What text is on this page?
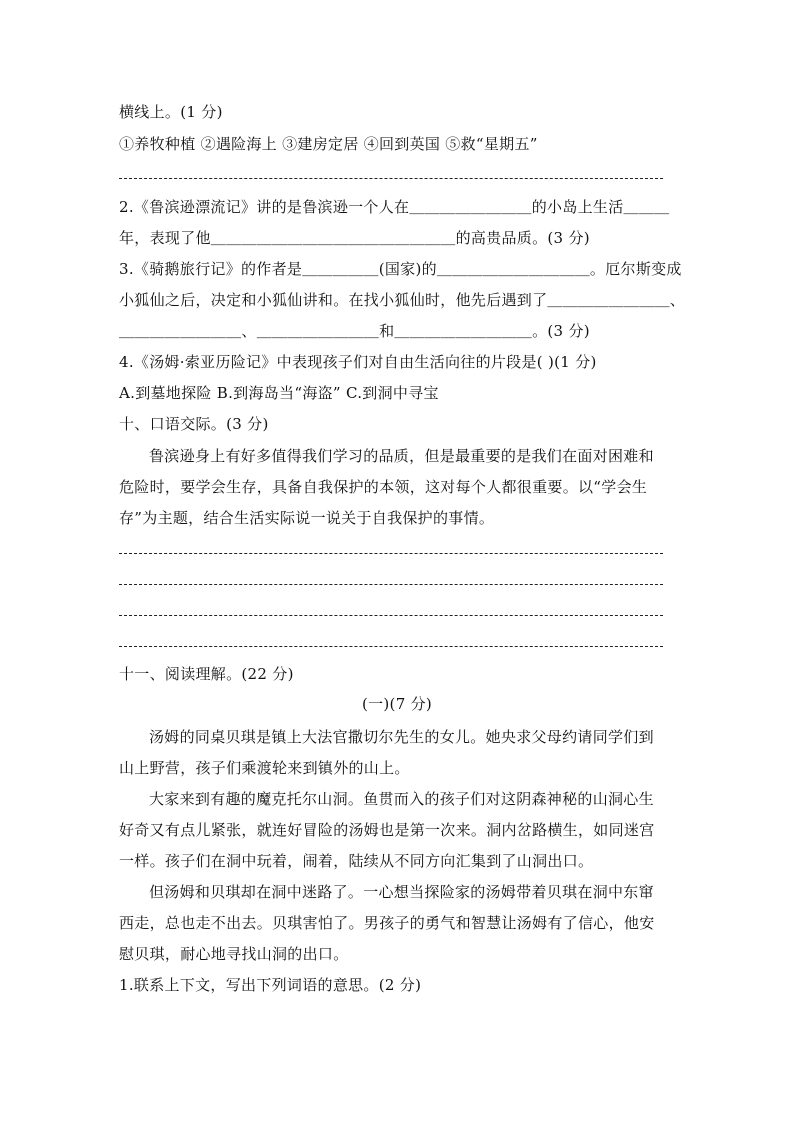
横线上。(1 分)
①养牧种植 ②遇险海上 ③建房定居 ④回到英国 ⑤救“星期五”
2.《鲁滨逊漂流记》讲的是鲁滨逊一个人在＿＿＿＿＿＿＿＿的小岛上生活＿＿＿
年，表现了他＿＿＿＿＿＿＿＿＿＿＿＿＿＿＿＿的高贵品质。(3 分)
3.《骑鹅旅行记》的作者是＿＿＿＿＿(国家)的＿＿＿＿＿＿＿＿＿＿。厄尔斯变成
小狐仙之后，决定和小狐仙讲和。在找小狐仙时，他先后遇到了＿＿＿＿＿＿＿＿、
＿＿＿＿＿＿＿＿、＿＿＿＿＿＿＿＿和＿＿＿＿＿＿＿＿＿。(3 分)
4.《汤姆·索亚历险记》中表现孩子们对自由生活向往的片段是( )(1 分)
A.到墓地探险 B.到海岛当“海盗” C.到洞中寻宝
十、口语交际。(3 分)
鲁滨逊身上有好多值得我们学习的品质，但是最重要的是我们在面对困难和
危险时，要学会生存，具备自我保护的本领，这对每个人都很重要。以“学会生
存”为主题，结合生活实际说一说关于自我保护的事情。
十一、阅读理解。(22 分)
(一)(7 分)
汤姆的同桌贝琪是镇上大法官撒切尔先生的女儿。她央求父母约请同学们到
山上野营，孩子们乘渡轮来到镇外的山上。
大家来到有趣的魔克托尔山洞。鱼贯而入的孩子们对这阴森神秘的山洞心生
好奇又有点儿紧张，就连好冒险的汤姆也是第一次来。洞内岔路横生，如同迷宫
一样。孩子们在洞中玩着，闹着，陆续从不同方向汇集到了山洞出口。
但汤姆和贝琪却在洞中迷路了。一心想当探险家的汤姆带着贝琪在洞中东窜
西走，总也走不出去。贝琪害怕了。男孩子的勇气和智慧让汤姆有了信心，他安
慰贝琪，耐心地寻找山洞的出口。
1.联系上下文，写出下列词语的意思。(2 分)
